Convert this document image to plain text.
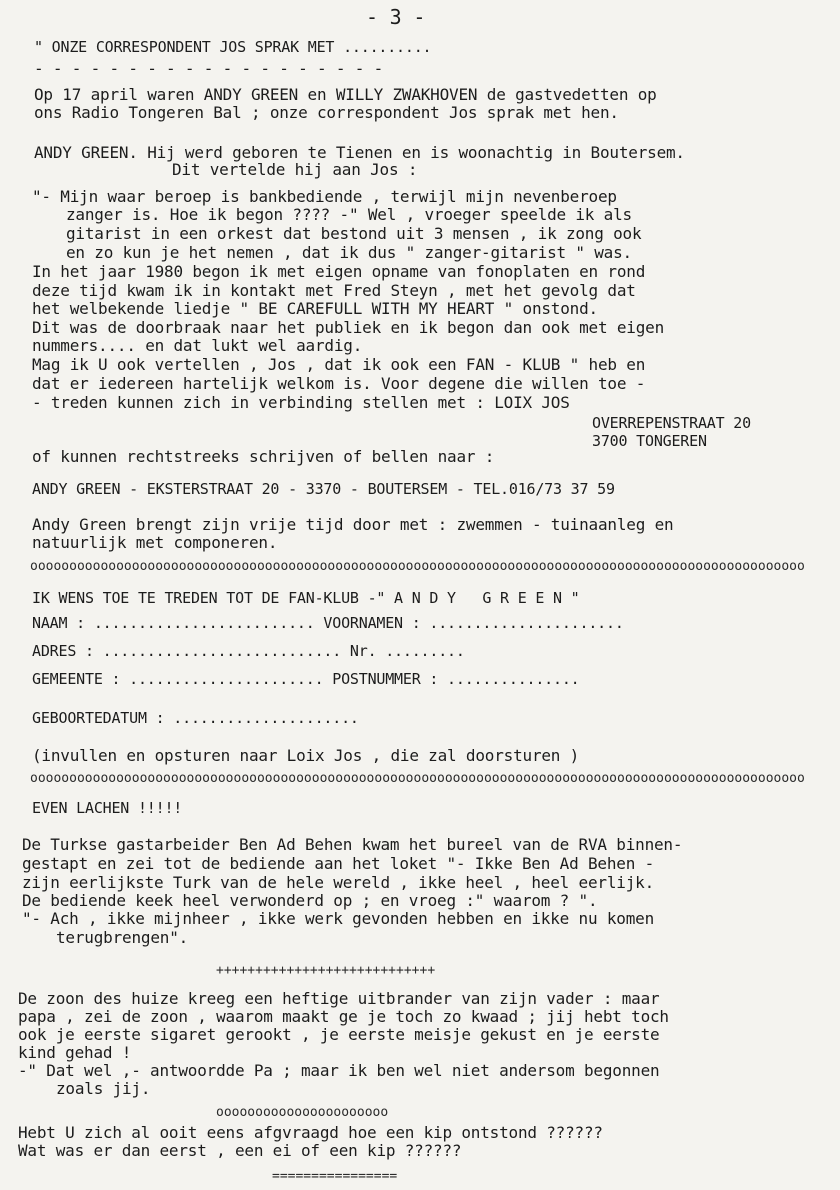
- 3 -
" ONZE CORRESPONDENT JOS SPRAK MET ..........
- - - - - - - - - - - - - - - - - - -
Op 17 april waren ANDY GREEN en WILLY ZWAKHOVEN de gastvedetten op
ons Radio Tongeren Bal ; onze correspondent Jos sprak met hen.
ANDY GREEN. Hij werd geboren te Tienen en is woonachtig in Boutersem.
Dit vertelde hij aan Jos :
"- Mijn waar beroep is bankbediende , terwijl mijn nevenberoep
zanger is. Hoe ik begon ???? -" Wel , vroeger speelde ik als
gitarist in een orkest dat bestond uit 3 mensen , ik zong ook
en zo kun je het nemen , dat ik dus " zanger-gitarist " was.
In het jaar 1980 begon ik met eigen opname van fonoplaten en rond
deze tijd kwam ik in kontakt met Fred Steyn , met het gevolg dat
het welbekende liedje " BE CAREFULL WITH MY HEART " onstond.
Dit was de doorbraak naar het publiek en ik begon dan ook met eigen
nummers.... en dat lukt wel aardig.
Mag ik U ook vertellen , Jos , dat ik ook een FAN - KLUB " heb en
dat er iedereen hartelijk welkom is. Voor degene die willen toe -
- treden kunnen zich in verbinding stellen met : LOIX JOS
OVERREPENSTRAAT 20
3700 TONGEREN
of kunnen rechtstreeks schrijven of bellen naar :
ANDY GREEN - EKSTERSTRAAT 20 - 3370 - BOUTERSEM - TEL.016/73 37 59
Andy Green brengt zijn vrije tijd door met : zwemmen - tuinaanleg en
natuurlijk met componeren.
ooooooooooooooooooooooooooooooooooooooooooooooooooooooooooooooooooooooooooooooooooooooooooooooooooo
IK WENS TOE TE TREDEN TOT DE FAN-KLUB -" A N D Y   G R E E N "
NAAM : ......................... VOORNAMEN : ......................
ADRES : ........................... Nr. .........
GEMEENTE : ...................... POSTNUMMER : ...............
GEBOORTEDATUM : .....................
(invullen en opsturen naar Loix Jos , die zal doorsturen )
ooooooooooooooooooooooooooooooooooooooooooooooooooooooooooooooooooooooooooooooooooooooooooooooooooo
EVEN LACHEN !!!!!
De Turkse gastarbeider Ben Ad Behen kwam het bureel van de RVA binnen-
gestapt en zei tot de bediende aan het loket "- Ikke Ben Ad Behen -
zijn eerlijkste Turk van de hele wereld , ikke heel , heel eerlijk.
De bediende keek heel verwonderd op ; en vroeg :" waarom ? ".
"- Ach , ikke mijnheer , ikke werk gevonden hebben en ikke nu komen
terugbrengen".
++++++++++++++++++++++++++++
De zoon des huize kreeg een heftige uitbrander van zijn vader : maar
papa , zei de zoon , waarom maakt ge je toch zo kwaad ; jij hebt toch
ook je eerste sigaret gerookt , je eerste meisje gekust en je eerste
kind gehad !
-" Dat wel ,- antwoordde Pa ; maar ik ben wel niet andersom begonnen
zoals jij.
oooooooooooooooooooooo
Hebt U zich al ooit eens afgvraagd hoe een kip ontstond ??????
Wat was er dan eerst , een ei of een kip ??????
================
